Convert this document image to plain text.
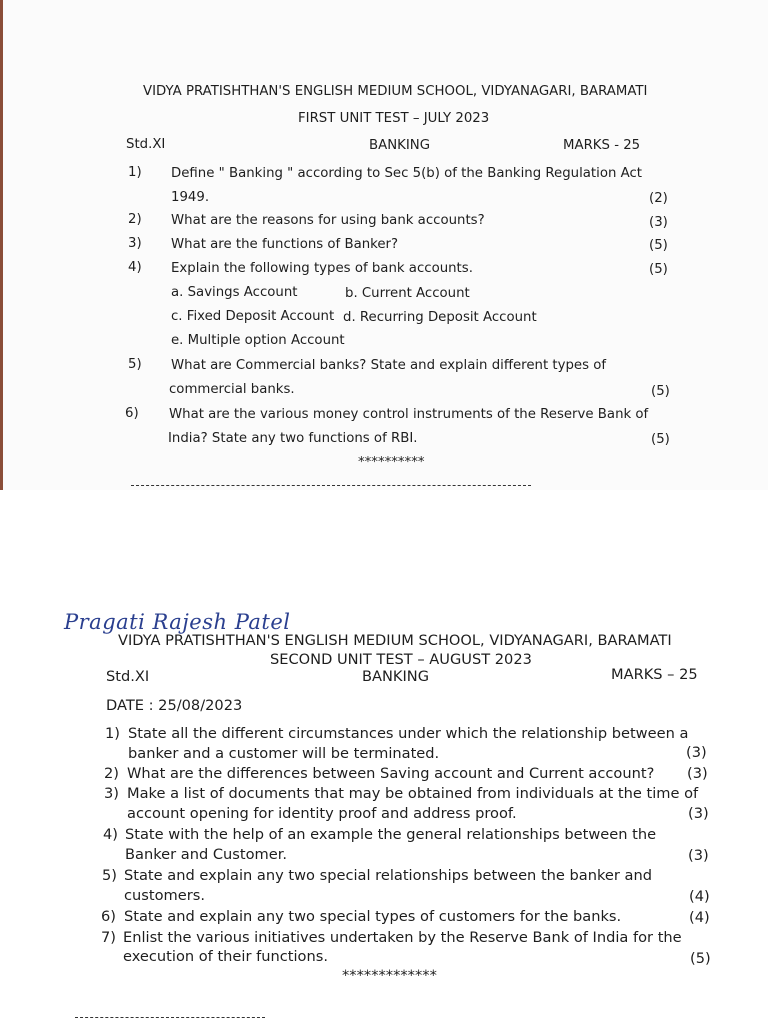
VIDYA PRATISHTHAN'S ENGLISH MEDIUM SCHOOL, VIDYANAGARI, BARAMATI
FIRST UNIT TEST – JULY 2023
Std.XI	BANKING	MARKS - 25
1) Define " Banking " according to Sec 5(b) of the Banking Regulation Act
1949.	(2)
2) What are the reasons for using bank accounts?	(3)
3) What are the functions of Banker?	(5)
4) Explain the following types of bank accounts.	(5)
a. Savings Account	b. Current Account
c. Fixed Deposit Account d. Recurring Deposit Account
e. Multiple option Account
5) What are Commercial banks? State and explain different types of
commercial banks.	(5)
6) What are the various money control instruments of the Reserve Bank of
India? State any two functions of RBI.	(5)
**********
Pragati Rajesh Patel
VIDYA PRATISHTHAN'S ENGLISH MEDIUM SCHOOL, VIDYANAGARI, BARAMATI
SECOND UNIT TEST – AUGUST 2023
Std.XI	BANKING	MARKS – 25
DATE : 25/08/2023
1) State all the different circumstances under which the relationship between a
banker and a customer will be terminated.	(3)
2) What are the differences between Saving account and Current account? (3)
3) Make a list of documents that may be obtained from individuals at the time of
account opening for identity proof and address proof.	(3)
4) State with the help of an example the general relationships between the
Banker and Customer.	(3)
5) State and explain any two special relationships between the banker and
customers.	(4)
6) State and explain any two special types of customers for the banks.	(4)
7) Enlist the various initiatives undertaken by the Reserve Bank of India for the
execution of their functions.	(5)
*************
